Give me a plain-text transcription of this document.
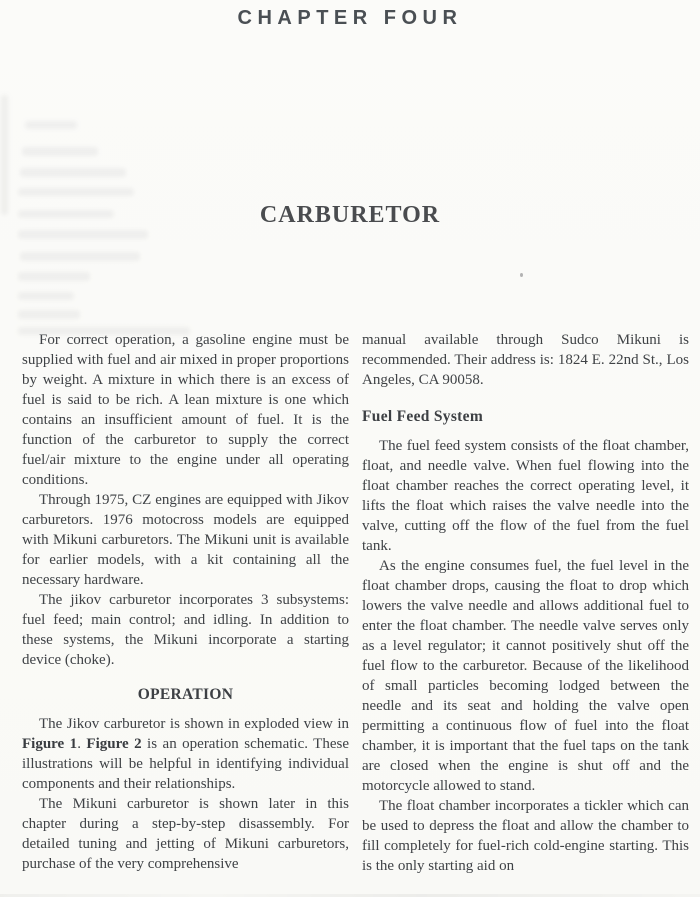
CHAPTER FOUR
CARBURETOR

For correct operation, a gasoline engine must be supplied with fuel and air mixed in proper proportions by weight. A mixture in which there is an excess of fuel is said to be rich. A lean mixture is one which contains an insufficient amount of fuel. It is the function of the carburetor to supply the correct fuel/air mixture to the engine under all operating conditions.

Through 1975, CZ engines are equipped with Jikov carburetors. 1976 motocross models are equipped with Mikuni carburetors. The Mikuni unit is available for earlier models, with a kit containing all the necessary hardware.

The jikov carburetor incorporates 3 subsystems: fuel feed; main control; and idling. In addition to these systems, the Mikuni incorporate a starting device (choke).

OPERATION

The Jikov carburetor is shown in exploded view in Figure 1. Figure 2 is an operation schematic. These illustrations will be helpful in identifying individual components and their relationships.

The Mikuni carburetor is shown later in this chapter during a step-by-step disassembly. For detailed tuning and jetting of Mikuni carburetors, purchase of the very comprehensive

manual available through Sudco Mikuni is recommended. Their address is: 1824 E. 22nd St., Los Angeles, CA 90058.

Fuel Feed System

The fuel feed system consists of the float chamber, float, and needle valve. When fuel flowing into the float chamber reaches the correct operating level, it lifts the float which raises the valve needle into the valve, cutting off the flow of the fuel from the fuel tank.

As the engine consumes fuel, the fuel level in the float chamber drops, causing the float to drop which lowers the valve needle and allows additional fuel to enter the float chamber. The needle valve serves only as a level regulator; it cannot positively shut off the fuel flow to the carburetor. Because of the likelihood of small particles becoming lodged between the needle and its seat and holding the valve open permitting a continuous flow of fuel into the float chamber, it is important that the fuel taps on the tank are closed when the engine is shut off and the motorcycle allowed to stand.

The float chamber incorporates a tickler which can be used to depress the float and allow the chamber to fill completely for fuel-rich cold-engine starting. This is the only starting aid on
